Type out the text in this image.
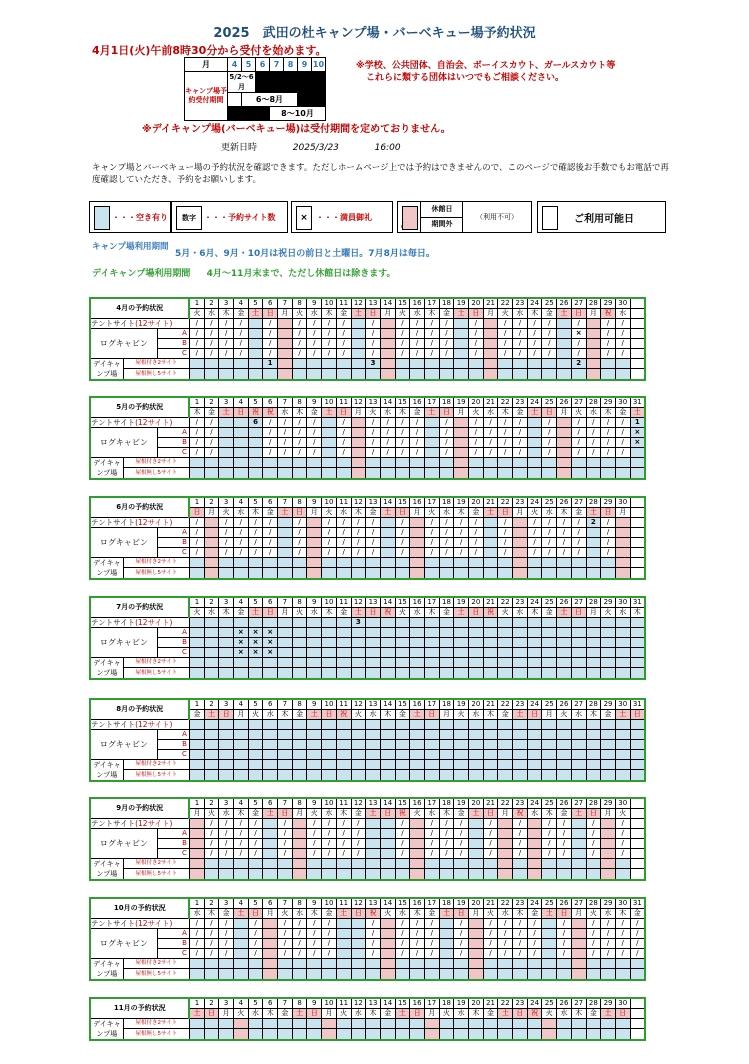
2025　武田の杜キャンプ場・バーベキュー場予約状況
4月1日(火)午前8時30分から受付を始めます。
月	4	5	6	7	8	9	10
キャンプ場予約受付期間	5/2〜6月						
		6〜8月					
				8〜10月			
※学校、公共団体、自治会、ボーイスカウト、ガールスカウト等
これらに類する団体はいつでもご相談ください。
※デイキャンプ場(バーベキュー場)は受付期間を定めておりません。
更新日時	2025/3/23	16:00
キャンプ場とバーベキュー場の予約状況を確認できます。ただしホームページ上では予約はできませんので、このページで確認後お手数でもお電話で再度確認していただき、予約をお願いします。
・・・空き有り	数字	・・・予約サイト数	×	・・・満員御礼
休館日
/	期間外
（利用不可）	ご利用可能日
キャンプ場利用期間
5月・6月、9月・10月は祝日の前日と土曜日。7月8月は毎日。
デイキャンプ場利用期間 4月〜11月末まで、ただし休館日は除きます。
4月の予約状況			1	2	3	4	5	6	7	8	9	10	11	12	13	14	15	16	17	18	19	20	21	22	23	24	25	26	27	28	29	30	
			火	水	木	金	土	日	月	火	水	木	金	土	日	月	火	水	木	金	土	日	月	火	水	木	金	土	日	月	祝	水	
テントサイト(12サイト)			/	/	/	/		/		/	/	/	/		/		/	/	/	/		/		/	/	/	/		/		/	/	
ログキャビン		A	/	/	/	/		/		/	/	/	/		/		/	/	/	/		/		/	/	/	/		×		/	/	
		B	/	/	/	/		/		/	/	/	/		/		/	/	/	/		/		/	/	/	/		/		/	/	
		C	/	/	/	/		/		/	/	/	/		/		/	/	/	/		/		/	/	/	/		/		/	/	

デイキャ
ンプ場	屋根付き2サイト							1							3														2				
	屋根無し5サイト																																
5月の予約状況			1	2	3	4	5	6	7	8	9	10	11	12	13	14	15	16	17	18	19	20	21	22	23	24	25	26	27	28	29	30	31
			木	金	土	日	祝	祝	水	木	金	土	日	月	火	水	木	金	土	日	月	火	水	木	金	土	日	月	火	水	木	金	土
テントサイト(12サイト)			/	/			6	/	/	/	/		/		/	/	/	/		/		/	/	/	/		/		/	/	/	/	1
ログキャビン		A	/	/				/	/	/	/		/		/	/	/	/		/		/	/	/	/		/		/	/	/	/	×
		B	/	/				/	/	/	/		/		/	/	/	/		/		/	/	/	/		/		/	/	/	/	×
		C	/	/				/	/	/	/		/		/	/	/	/		/		/	/	/	/		/		/	/	/	/	

デイキャ
ンプ場	屋根付き2サイト																																
	屋根無し5サイト																																
6月の予約状況			1	2	3	4	5	6	7	8	9	10	11	12	13	14	15	16	17	18	19	20	21	22	23	24	25	26	27	28	29	30	
			日	月	火	水	木	金	土	日	月	火	水	木	金	土	日	月	火	水	木	金	土	日	月	火	水	木	金	土	日	月	
テントサイト(12サイト)			/		/	/	/	/		/		/	/	/	/		/		/	/	/	/		/		/	/	/	/	2	/		
ログキャビン		A	/		/	/	/	/		/		/	/	/	/		/		/	/	/	/		/		/	/	/	/		/		
		B	/		/	/	/	/		/		/	/	/	/		/		/	/	/	/		/		/	/	/	/		/		
		C	/		/	/	/	/		/		/	/	/	/		/		/	/	/	/		/		/	/	/	/		/		

デイキャ
ンプ場	屋根付き2サイト																																
	屋根無し5サイト																																
7月の予約状況			1	2	3	4	5	6	7	8	9	10	11	12	13	14	15	16	17	18	19	20	21	22	23	24	25	26	27	28	29	30	31
			火	水	木	金	土	日	月	火	水	木	金	土	日	祝	火	水	木	金	土	日	祝	火	水	木	金	土	日	月	火	水	木
テントサイト(12サイト)														3																			
ログキャビン		A				×	×	×																									
		B				×	×	×																									
		C				×	×	×																									

デイキャ
ンプ場	屋根付き2サイト																																
	屋根無し5サイト																																
8月の予約状況			1	2	3	4	5	6	7	8	9	10	11	12	13	14	15	16	17	18	19	20	21	22	23	24	25	26	27	28	29	30	31
			金	土	日	月	火	水	木	金	土	日	祝	火	水	木	金	土	日	月	火	水	木	金	土	日	月	火	水	木	金	土	日
テントサイト(12サイト)																																	
ログキャビン		A																															
		B																															
		C																															

デイキャ
ンプ場	屋根付き2サイト																																
	屋根無し5サイト																																
9月の予約状況			1	2	3	4	5	6	7	8	9	10	11	12	13	14	15	16	17	18	19	20	21	22	23	24	25	26	27	28	29	30	
			月	火	水	木	金	土	日	月	火	水	木	金	土	日	祝	火	水	木	金	土	日	月	祝	水	木	金	土	日	月	火	
テントサイト(12サイト)				/	/	/	/		/		/	/	/	/			/		/	/	/		/		/		/	/		/		/	
ログキャビン		A		/	/	/	/		/		/	/	/	/			/		/	/	/		/		/		/	/		/		/	
		B		/	/	/	/		/		/	/	/	/			/		/	/	/		/		/		/	/		/		/	
		C		/	/	/	/		/		/	/	/	/			/		/	/	/		/		/		/	/		/		/	

デイキャ
ンプ場	屋根付き2サイト																																
	屋根無し5サイト																																
10月の予約状況			1	2	3	4	5	6	7	8	9	10	11	12	13	14	15	16	17	18	19	20	21	22	23	24	25	26	27	28	29	30	31
			水	木	金	土	日	月	火	水	木	金	土	日	祝	火	水	木	金	土	日	月	火	水	木	金	土	日	月	火	水	木	金
テントサイト(12サイト)			/	/	/		/		/	/	/	/			/		/	/	/		/		/	/	/	/		/		/	/	/	/
ログキャビン		A	/	/	/		/		/	/	/	/			/		/	/	/		/		/	/	/	/		/		/	/	/	/
		B	/	/	/		/		/	/	/	/			/		/	/	/		/		/	/	/	/		/		/	/	/	/
		C	/	/	/		/		/	/	/	/			/		/	/	/		/		/	/	/	/		/		/	/	/	/

デイキャ
ンプ場	屋根付き2サイト																																
	屋根無し5サイト																																
11月の予約状況		1	2	3	4	5	6	7	8	9	10	11	12	13	14	15	16	17	18	19	20	21	22	23	24	25	26	27	28	29	30	
		土	日	月	火	水	木	金	土	日	月	火	水	木	金	土	日	月	火	水	木	金	土	日	祝	火	水	木	金	土	日	

デイキャ
ンプ場	屋根付き2サイト																															
	屋根無し5サイト																															
